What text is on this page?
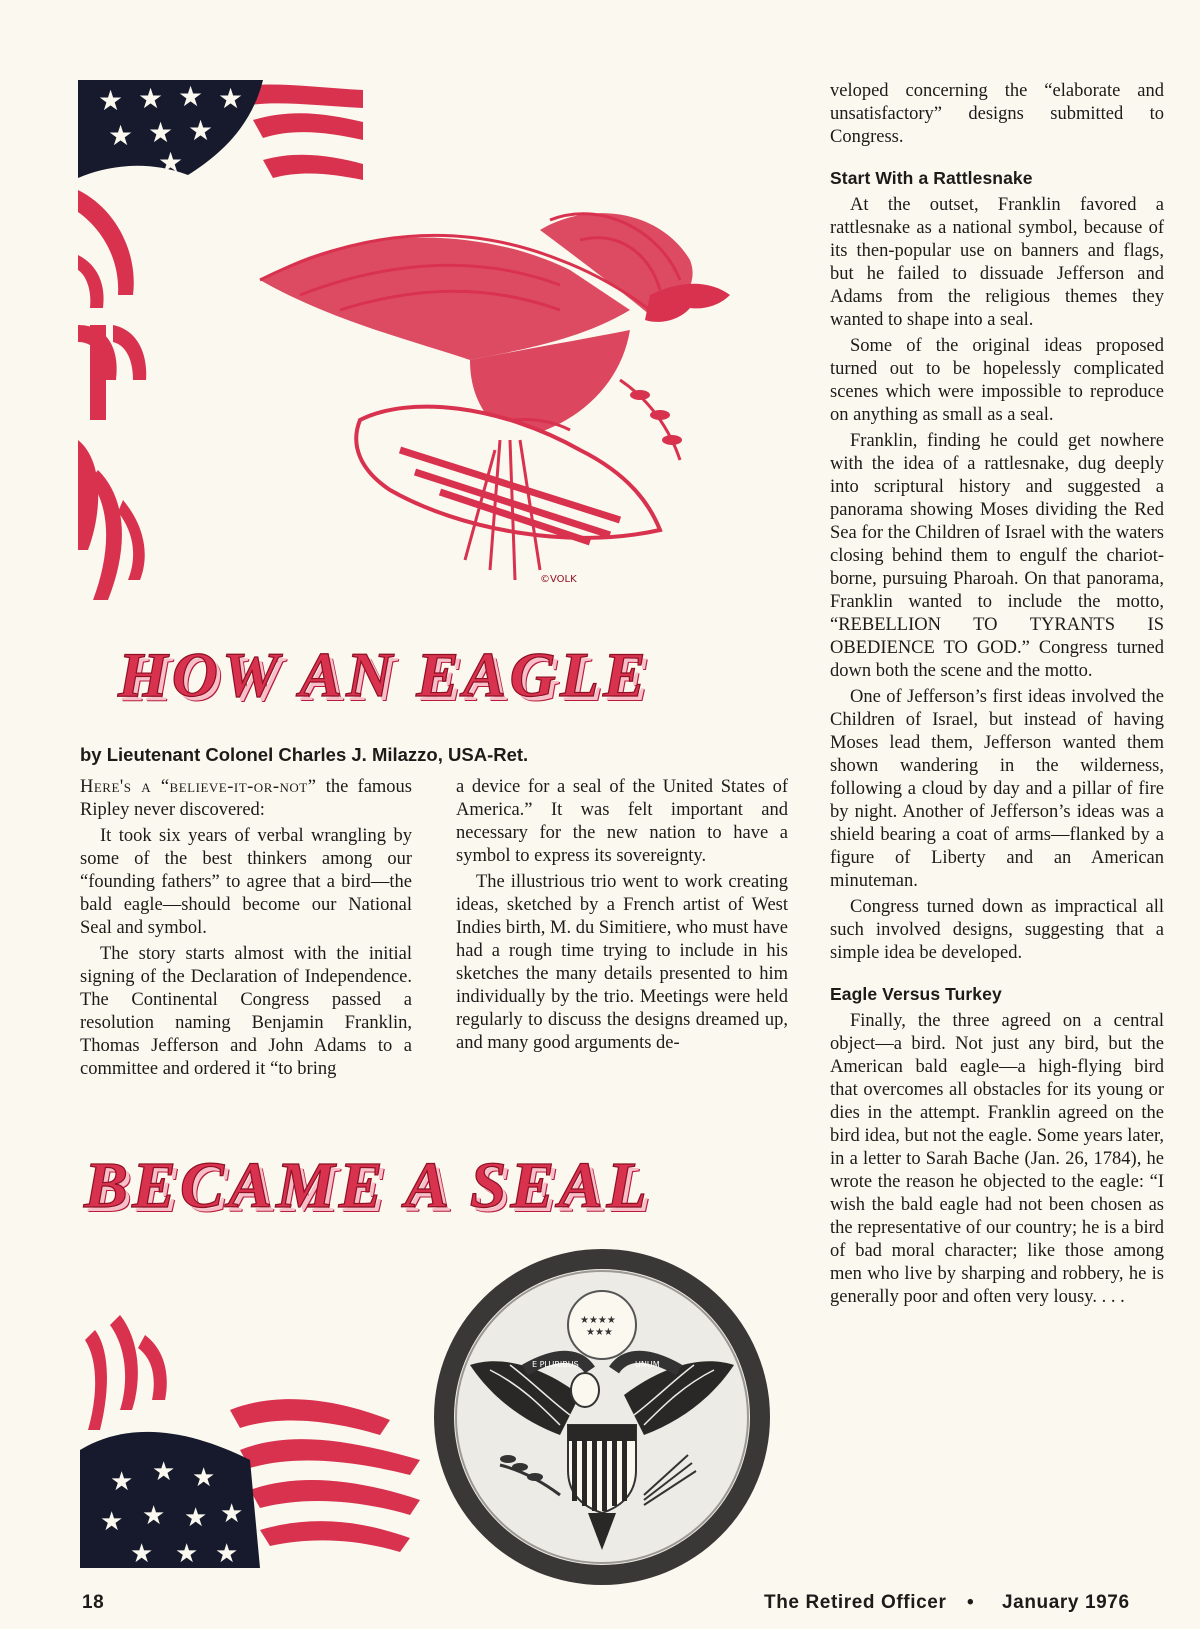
★ ★ ★ ★
★ ★ ★
★
©VOLK
HOW AN EAGLE
by Lieutenant Colonel Charles J. Milazzo, USA-Ret.

Here's a “believe-it-or-not” the famous Ripley never discovered:

It took six years of verbal wrangling by some of the best thinkers among our “founding fathers” to agree that a bird—the bald eagle—should become our National Seal and symbol.

The story starts almost with the initial signing of the Declaration of Independence. The Continental Congress passed a resolution naming Benjamin Franklin, Thomas Jefferson and John Adams to a committee and ordered it “to bring

a device for a seal of the United States of America.” It was felt important and necessary for the new nation to have a symbol to express its sovereignty.

The illustrious trio went to work creating ideas, sketched by a French artist of West Indies birth, M. du Simitiere, who must have had a rough time trying to include in his sketches the many details presented to him individually by the trio. Meetings were held regularly to discuss the designs dreamed up, and many good arguments de-

veloped concerning the “elaborate and unsatisfactory” designs submitted to Congress.

Start With a Rattlesnake

At the outset, Franklin favored a rattlesnake as a national symbol, because of its then-popular use on banners and flags, but he failed to dissuade Jefferson and Adams from the religious themes they wanted to shape into a seal.

Some of the original ideas proposed turned out to be hopelessly complicated scenes which were impossible to reproduce on anything as small as a seal.

Franklin, finding he could get nowhere with the idea of a rattlesnake, dug deeply into scriptural history and suggested a panorama showing Moses dividing the Red Sea for the Children of Israel with the waters closing behind them to engulf the chariot-borne, pursuing Pharoah. On that panorama, Franklin wanted to include the motto, “REBELLION TO TYRANTS IS OBEDIENCE TO GOD.” Congress turned down both the scene and the motto.

One of Jefferson’s first ideas involved the Children of Israel, but instead of having Moses lead them, Jefferson wanted them shown wandering in the wilderness, following a cloud by day and a pillar of fire by night. Another of Jefferson’s ideas was a shield bearing a coat of arms—flanked by a figure of Liberty and an American minuteman.

Congress turned down as impractical all such involved designs, suggesting that a simple idea be developed.

Eagle Versus Turkey

Finally, the three agreed on a central object—a bird. Not just any bird, but the American bald eagle—a high-flying bird that overcomes all obstacles for its young or dies in the attempt. Franklin agreed on the bird idea, but not the eagle. Some years later, in a letter to Sarah Bache (Jan. 26, 1784), he wrote the reason he objected to the eagle: “I wish the bald eagle had not been chosen as the representative of our country; he is a bird of bad moral character; like those among men who live by sharping and robbery, he is generally poor and often very lousy. . . .

BECAME A SEAL
★ ★ ★
★ ★ ★ ★
★ ★ ★
★★★★
★★★
E PLURIBUS	UNUM
18	The Retired Officer • January 1976
